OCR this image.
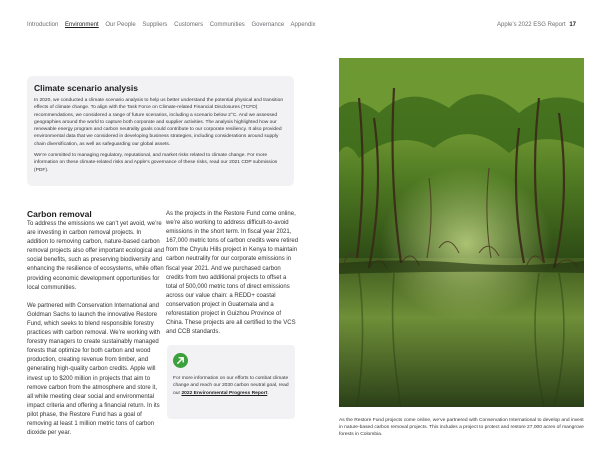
Introduction Environment Our People Suppliers Customers Communities Governance Appendix	Apple’s 2022 ESG Report 17
Climate scenario analysis

In 2020, we conducted a climate scenario analysis to help us better understand the potential physical and transition effects of climate change. To align with the Task Force on Climate-related Financial Disclosures (TCFD) recommendations, we considered a range of future scenarios, including a scenario below 2°C. And we assessed geographies around the world to capture both corporate and supplier activities. The analysis highlighted how our renewable energy program and carbon neutrality goals could contribute to our corporate resiliency. It also provided environmental data that we considered in developing business strategies, including considerations around supply chain diversification, as well as safeguarding our global assets.

We’re committed to managing regulatory, reputational, and market risks related to climate change. For more information on these climate-related risks and Apple’s governance of these risks, read our 2021 CDP submission (PDF).

Carbon removal

To address the emissions we can’t yet avoid, we’re are investing in carbon removal projects. In addition to removing carbon, nature-based carbon removal projects also offer important ecological and social benefits, such as preserving biodiversity and enhancing the resilience of ecosystems, while often providing economic development opportunities for local communities.

We partnered with Conservation International and Goldman Sachs to launch the innovative Restore Fund, which seeks to blend responsible forestry practices with carbon removal. We’re working with forestry managers to create sustainably managed forests that optimize for both carbon and wood production, creating revenue from timber, and generating high-quality carbon credits. Apple will invest up to $200 million in projects that aim to remove carbon from the atmosphere and store it, all while meeting clear social and environmental impact criteria and offering a financial return. In its pilot phase, the Restore Fund has a goal of removing at least 1 million metric tons of carbon dioxide per year.

As the projects in the Restore Fund come online, we’re also working to address difficult-to-avoid emissions in the short term. In fiscal year 2021, 167,000 metric tons of carbon credits were retired from the Chyulu Hills project in Kenya to maintain carbon neutrality for our corporate emissions in fiscal year 2021. And we purchased carbon credits from two additional projects to offset a total of 500,000 metric tons of direct emissions across our value chain: a REDD+ coastal conservation project in Guatemala and a reforestation project in Guizhou Province of China. These projects are all certified to the VCS and CCB standards.

For more information on our efforts to combat climate change and reach our 2030 carbon neutral goal, read our 2022 Environmental Progress Report.

As the Restore Fund projects come online, we’ve partnered with Conservation International to develop and invest in nature-based carbon removal projects. This includes a project to protect and restore 27,000 acres of mangrove forests in Colombia.
